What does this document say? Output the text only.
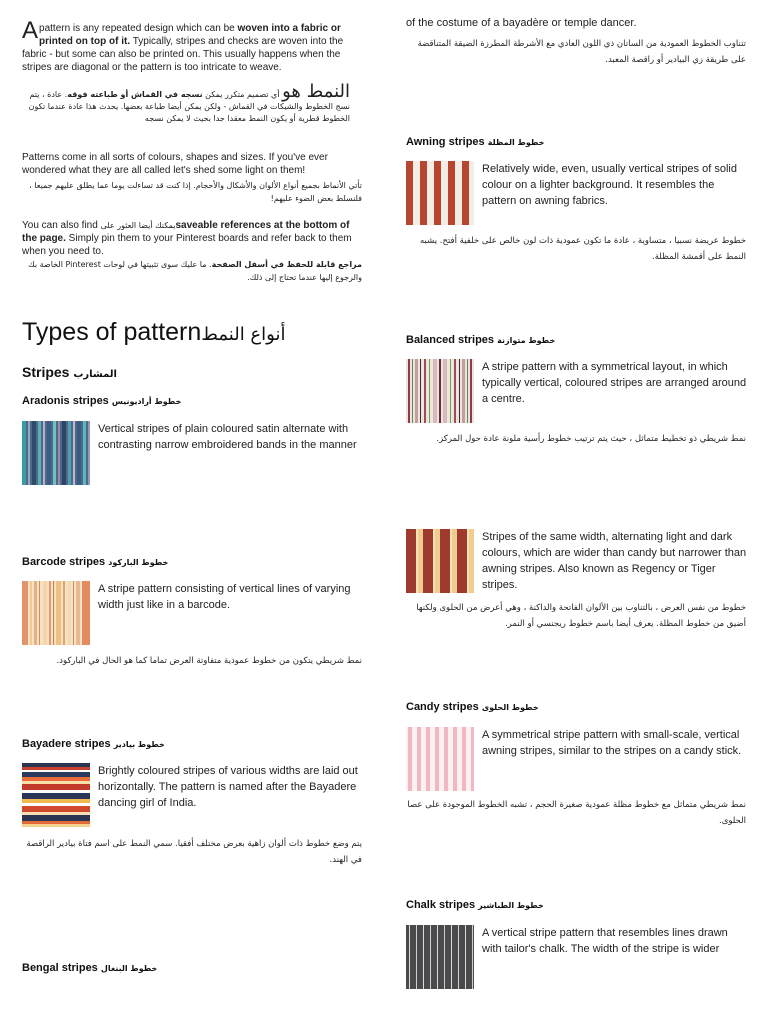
A pattern is any repeated design which can be woven into a fabric or printed on top of it. Typically, stripes and checks are woven into the fabric - but some can also be printed on. This usually happens when the stripes are diagonal or the pattern is too intricate to weave.
النمط هو أي تصميم متكرر يمكن نسجه في القماش أو طباعته فوقه. عادة ، يتم نسج الخطوط والشيكات في القماش - ولكن يمكن أيضا طباعة بعضها. يحدث هذا عادة عندما تكون الخطوط قطرية أو يكون النمط معقدا جدا بحيث لا يمكن نسجه
Patterns come in all sorts of colours, shapes and sizes. If you've ever wondered what they are all called let's shed some light on them!
تأتي الأنماط بجميع أنواع الألوان والأشكال والأحجام. إذا كنت قد تساءلت يوما عما يطلق عليهم جميعا ، فلنسلط بعض الضوء عليهم!
You can also find يمكنك أيضا العثور علىsaveable references at the bottom of the page. Simply pin them to your Pinterest boards and refer back to them when you need to.
مراجع قابلة للحفظ في أسفل الصفحة. ما عليك سوى تثبيتها في لوحات Pinterest الخاصة بك والرجوع إليها عندما تحتاج إلى ذلك.
Types of patternأنواع النمط
Stripes المشارب
Aradonis stripes خطوط أراديونيس
Vertical stripes of plain coloured satin alternate with contrasting narrow embroidered bands in the manner
Barcode stripes خطوط الباركود
A stripe pattern consisting of vertical lines of varying width just like in a barcode.
نمط شريطي يتكون من خطوط عمودية متفاوتة العرض تماما كما هو الحال في الباركود.
Bayadere stripes خطوط بيادير
Brightly coloured stripes of various widths are laid out horizontally. The pattern is named after the Bayadere dancing girl of India.
يتم وضع خطوط ذات ألوان زاهية بعرض مختلف أفقيا. سمي النمط على اسم فتاة بيادير الراقصة في الهند.
Bengal stripes خطوط البنغال
of the costume of a bayadère or temple dancer.
تتناوب الخطوط العمودية من الساتان ذي اللون العادي مع الأشرطة المطرزة الضيقة المتناقضة على طريقة زي البيادير أو راقصة المعبد.
Awning stripes خطوط المظلة
Relatively wide, even, usually vertical stripes of solid colour on a lighter background. It resembles the pattern on awning fabrics.
خطوط عريضة نسبيا ، متساوية ، عادة ما تكون عمودية ذات لون خالص على خلفية أفتح. يشبه النمط على أقمشة المظلة.
Balanced stripes خطوط متوازنة
A stripe pattern with a symmetrical layout, in which typically vertical, coloured stripes are arranged around a centre.
نمط شريطي ذو تخطيط متماثل ، حيث يتم ترتيب خطوط رأسية ملونة عادة حول المركز.
Stripes of the same width, alternating light and dark colours, which are wider than candy but narrower than awning stripes. Also known as Regency or Tiger stripes.
خطوط من نفس العرض ، بالتناوب بين الألوان الفاتحة والداكنة ، وهي أعرض من الحلوى ولكنها أضيق من خطوط المظلة. يعرف أيضا باسم خطوط ريجنسي أو النمر.
Candy stripes خطوط الحلوى
A symmetrical stripe pattern with small-scale, vertical awning stripes, similar to the stripes on a candy stick.
نمط شريطي متماثل مع خطوط مظلة عمودية صغيرة الحجم ، تشبه الخطوط الموجودة على عصا الحلوى.
Chalk stripes خطوط الطباشير
A vertical stripe pattern that resembles lines drawn with tailor's chalk. The width of the stripe is wider
